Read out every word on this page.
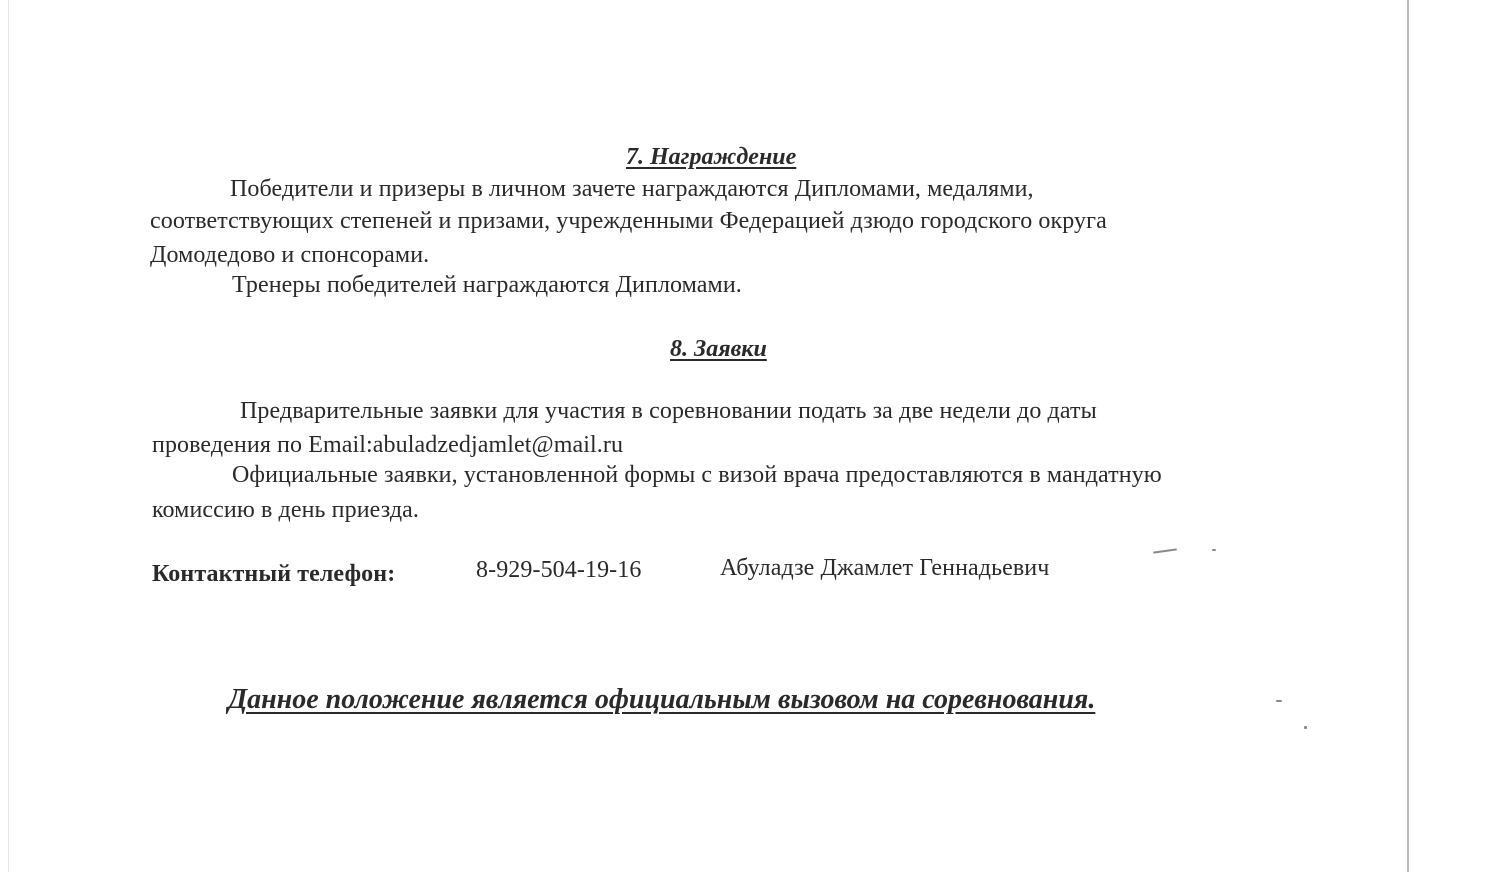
7. Награждение
Победители и призеры в личном зачете награждаются Дипломами, медалями,
соответствующих степеней и призами, учрежденными Федерацией дзюдо городского округа
Домодедово и спонсорами.
Тренеры победителей награждаются Дипломами.
8. Заявки
Предварительные заявки для участия в соревновании подать за две недели до даты
проведения по Email:abuladzedjamlet@mail.ru
Официальные заявки, установленной формы с визой врача предоставляются в мандатную
комиссию в день приезда.
Контактный телефон:	8-929-504-19-16	Абуладзе Джамлет Геннадьевич
Данное положение является официальным вызовом на соревнования.
